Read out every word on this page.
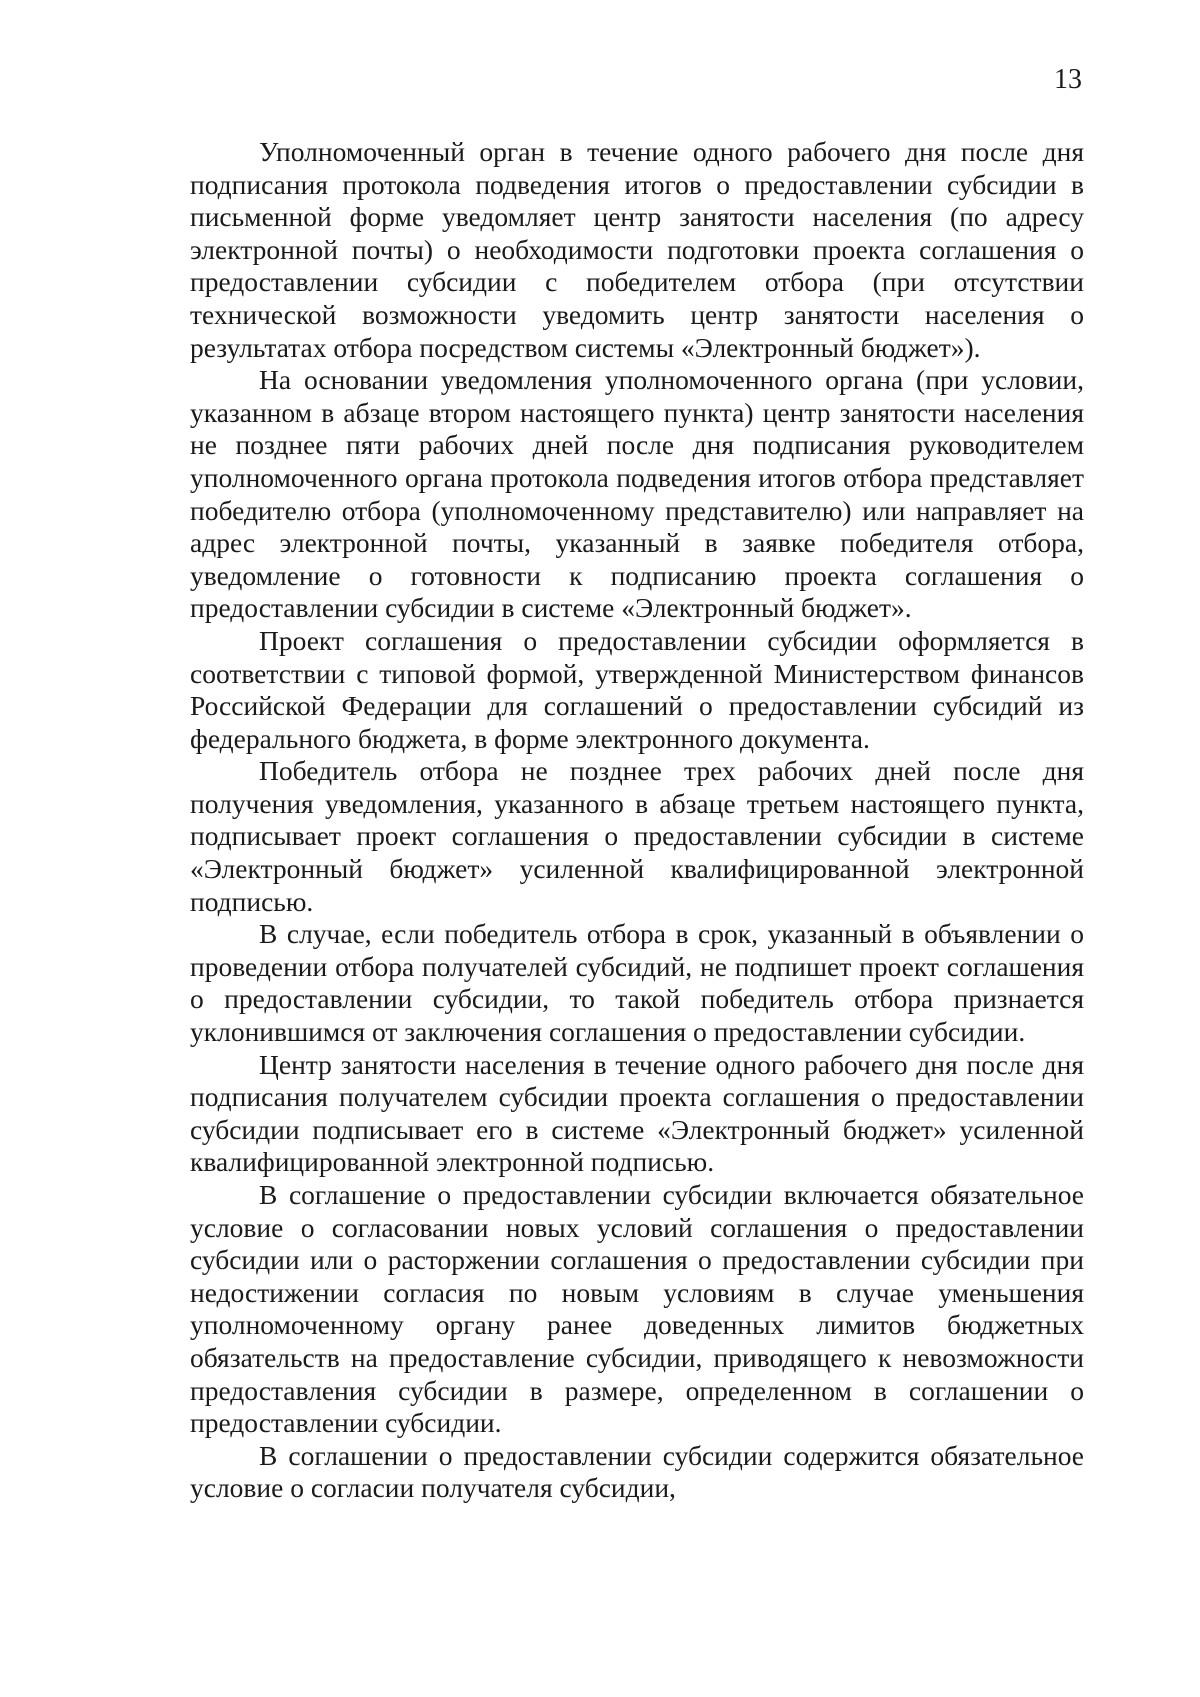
13

Уполномоченный орган в течение одного рабочего дня после дня подписания протокола подведения итогов о предоставлении субсидии в письменной форме уведомляет центр занятости населения (по адресу электронной почты) о необходимости подготовки проекта соглашения о предоставлении субсидии с победителем отбора (при отсутствии технической возможности уведомить центр занятости населения о результатах отбора посредством системы «Электронный бюджет»).

На основании уведомления уполномоченного органа (при условии, указанном в абзаце втором настоящего пункта) центр занятости населения не позднее пяти рабочих дней после дня подписания руководителем уполномоченного органа протокола подведения итогов отбора представляет победителю отбора (уполномоченному представителю) или направляет на адрес электронной почты, указанный в заявке победителя отбора, уведомление о готовности к подписанию проекта соглашения о предоставлении субсидии в системе «Электронный бюджет».

Проект соглашения о предоставлении субсидии оформляется в соответствии с типовой формой, утвержденной Министерством финансов Российской Федерации для соглашений о предоставлении субсидий из федерального бюджета, в форме электронного документа.

Победитель отбора не позднее трех рабочих дней после дня получения уведомления, указанного в абзаце третьем настоящего пункта, подписывает проект соглашения о предоставлении субсидии в системе «Электронный бюджет» усиленной квалифицированной электронной подписью.

В случае, если победитель отбора в срок, указанный в объявлении о проведении отбора получателей субсидий, не подпишет проект соглашения о предоставлении субсидии, то такой победитель отбора признается уклонившимся от заключения соглашения о предоставлении субсидии.

Центр занятости населения в течение одного рабочего дня после дня подписания получателем субсидии проекта соглашения о предоставлении субсидии подписывает его в системе «Электронный бюджет» усиленной квалифицированной электронной подписью.

В соглашение о предоставлении субсидии включается обязательное условие о согласовании новых условий соглашения о предоставлении субсидии или о расторжении соглашения о предоставлении субсидии при недостижении согласия по новым условиям в случае уменьшения уполномоченному органу ранее доведенных лимитов бюджетных обязательств на предоставление субсидии, приводящего к невозможности предоставления субсидии в размере, определенном в соглашении о предоставлении субсидии.

В соглашении о предоставлении субсидии содержится обязательное условие о согласии получателя субсидии,
